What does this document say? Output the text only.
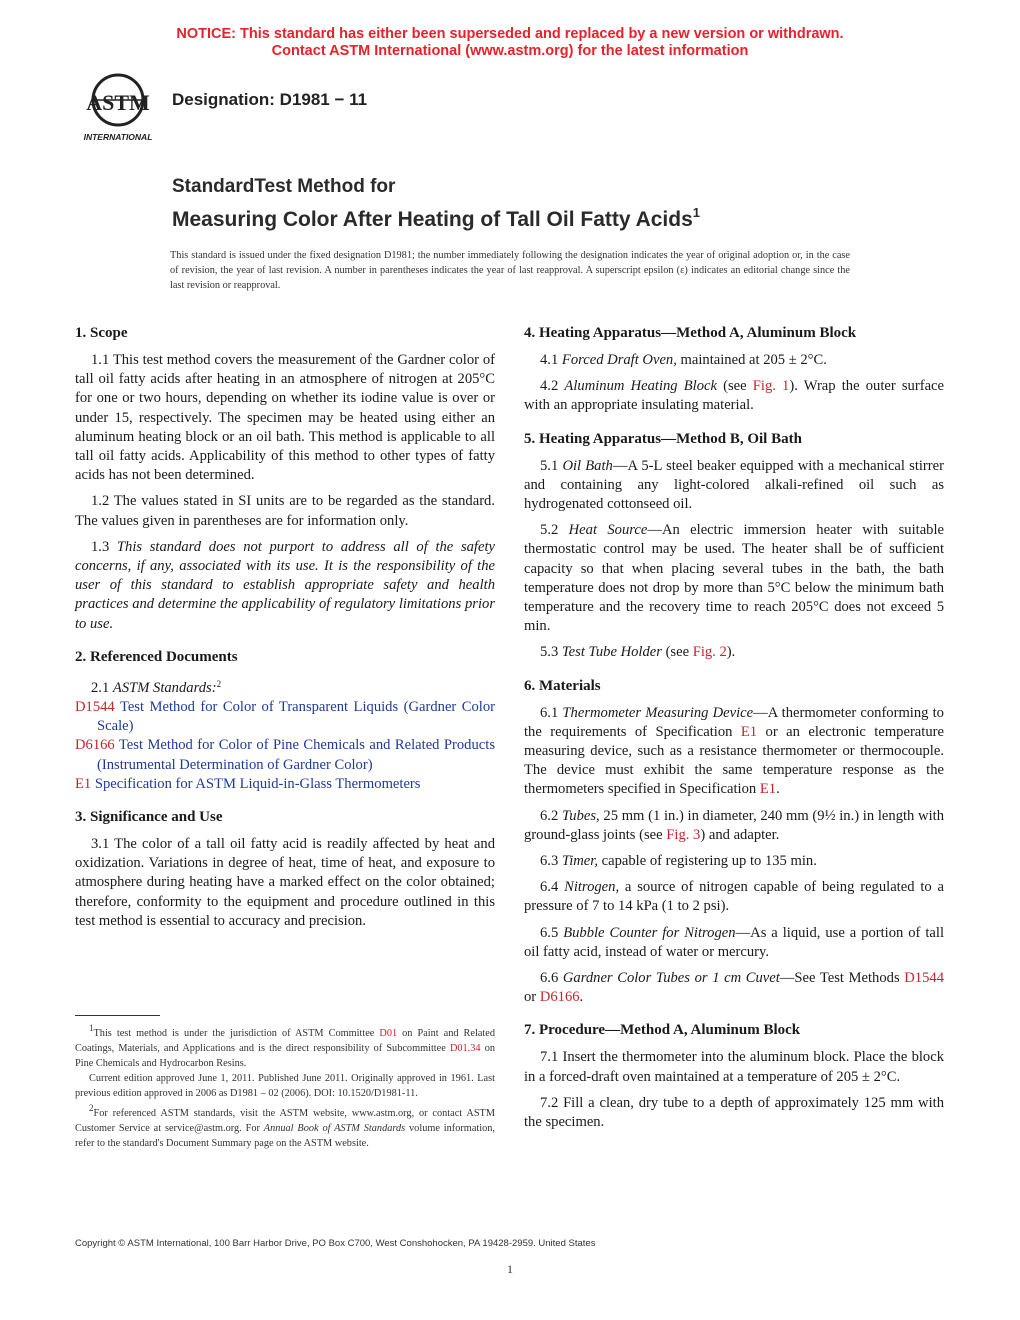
NOTICE: This standard has either been superseded and replaced by a new version or withdrawn.
Contact ASTM International (www.astm.org) for the latest information
ASTM
INTERNATIONAL
Designation: D1981 − 11
StandardTest Method for
Measuring Color After Heating of Tall Oil Fatty Acids$^1$
This standard is issued under the fixed designation D1981; the number immediately following the designation indicates the year of original adoption or, in the case of revision, the year of last revision. A number in parentheses indicates the year of last reapproval. A superscript epsilon (ε) indicates an editorial change since the last revision or reapproval.
1. Scope

1.1 This test method covers the measurement of the Gardner color of tall oil fatty acids after heating in an atmosphere of nitrogen at 205°C for one or two hours, depending on whether its iodine value is over or under 15, respectively. The specimen may be heated using either an aluminum heating block or an oil bath. This method is applicable to all tall oil fatty acids. Applicability of this method to other types of fatty acids has not been determined.

1.2 The values stated in SI units are to be regarded as the standard. The values given in parentheses are for information only.

1.3 This standard does not purport to address all of the safety concerns, if any, associated with its use. It is the responsibility of the user of this standard to establish appropriate safety and health practices and determine the applicability of regulatory limitations prior to use.

2. Referenced Documents

2.1 ASTM Standards:$^2$

D1544 Test Method for Color of Transparent Liquids (Gardner Color Scale)

D6166 Test Method for Color of Pine Chemicals and Related Products (Instrumental Determination of Gardner Color)

E1 Specification for ASTM Liquid-in-Glass Thermometers

3. Significance and Use

3.1 The color of a tall oil fatty acid is readily affected by heat and oxidization. Variations in degree of heat, time of heat, and exposure to atmosphere during heating have a marked effect on the color obtained; therefore, conformity to the equipment and procedure outlined in this test method is essential to accuracy and precision.

$^1$This test method is under the jurisdiction of ASTM Committee D01 on Paint and Related Coatings, Materials, and Applications and is the direct responsibility of Subcommittee D01.34 on Pine Chemicals and Hydrocarbon Resins.

Current edition approved June 1, 2011. Published June 2011. Originally approved in 1961. Last previous edition approved in 2006 as D1981 – 02 (2006). DOI: 10.1520/D1981-11.

$^2$For referenced ASTM standards, visit the ASTM website, www.astm.org, or contact ASTM Customer Service at service@astm.org. For Annual Book of ASTM Standards volume information, refer to the standard's Document Summary page on the ASTM website.

4. Heating Apparatus—Method A, Aluminum Block

4.1 Forced Draft Oven, maintained at 205 ± 2°C.

4.2 Aluminum Heating Block (see Fig. 1). Wrap the outer surface with an appropriate insulating material.

5. Heating Apparatus—Method B, Oil Bath

5.1 Oil Bath—A 5-L steel beaker equipped with a mechanical stirrer and containing any light-colored alkali-refined oil such as hydrogenated cottonseed oil.

5.2 Heat Source—An electric immersion heater with suitable thermostatic control may be used. The heater shall be of sufficient capacity so that when placing several tubes in the bath, the bath temperature does not drop by more than 5°C below the minimum bath temperature and the recovery time to reach 205°C does not exceed 5 min.

5.3 Test Tube Holder (see Fig. 2).

6. Materials

6.1 Thermometer Measuring Device—A thermometer conforming to the requirements of Specification E1 or an electronic temperature measuring device, such as a resistance thermometer or thermocouple. The device must exhibit the same temperature response as the thermometers specified in Specification E1.

6.2 Tubes, 25 mm (1 in.) in diameter, 240 mm (9½ in.) in length with ground-glass joints (see Fig. 3) and adapter.

6.3 Timer, capable of registering up to 135 min.

6.4 Nitrogen, a source of nitrogen capable of being regulated to a pressure of 7 to 14 kPa (1 to 2 psi).

6.5 Bubble Counter for Nitrogen—As a liquid, use a portion of tall oil fatty acid, instead of water or mercury.

6.6 Gardner Color Tubes or 1 cm Cuvet—See Test Methods D1544 or D6166.

7. Procedure—Method A, Aluminum Block

7.1 Insert the thermometer into the aluminum block. Place the block in a forced-draft oven maintained at a temperature of 205 ± 2°C.

7.2 Fill a clean, dry tube to a depth of approximately 125 mm with the specimen.

Copyright © ASTM International, 100 Barr Harbor Drive, PO Box C700, West Conshohocken, PA 19428-2959. United States
1
